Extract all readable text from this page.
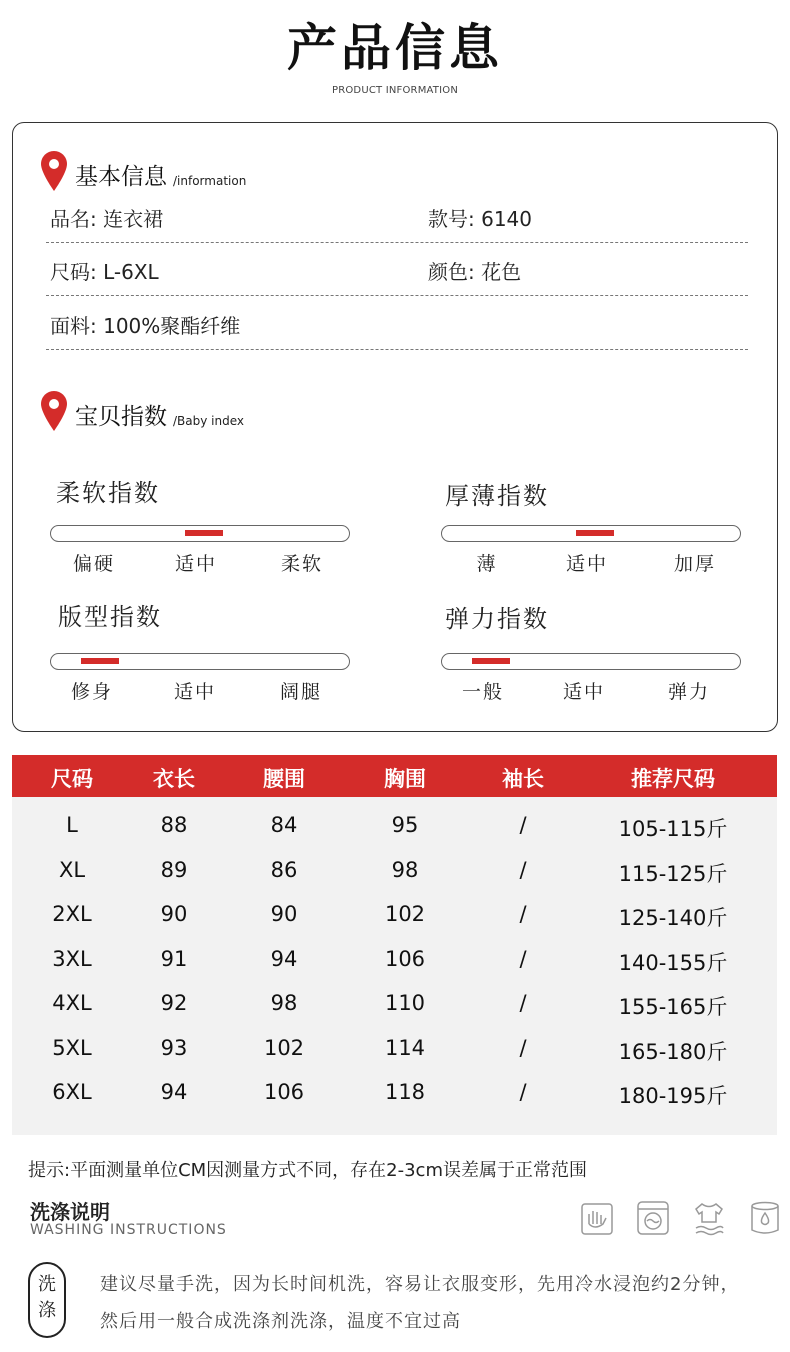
产品信息
PRODUCT INFORMATION
基本信息 /information
品名: 连衣裙	款号: 6140
尺码: L-6XL	颜色: 花色
面料: 100%聚酯纤维
宝贝指数 /Baby index
柔软指数
偏硬	适中	柔软
厚薄指数
薄	适中	加厚
版型指数
修身	适中	阔腿
弹力指数
一般	适中	弹力
尺码	衣长	腰围	胸围	袖长	推荐尺码
L	88	84	95	/	105-115斤
XL	89	86	98	/	115-125斤
2XL	90	90	102	/	125-140斤
3XL	91	94	106	/	140-155斤
4XL	92	98	110	/	155-165斤
5XL	93	102	114	/	165-180斤
6XL	94	106	118	/	180-195斤
提示:平面测量单位CM因测量方式不同，存在2-3cm误差属于正常范围
洗涤说明
WASHING INSTRUCTIONS
洗
涤
建议尽量手洗，因为长时间机洗，容易让衣服变形，先用冷水浸泡约2分钟，
然后用一般合成洗涤剂洗涤，温度不宜过高
